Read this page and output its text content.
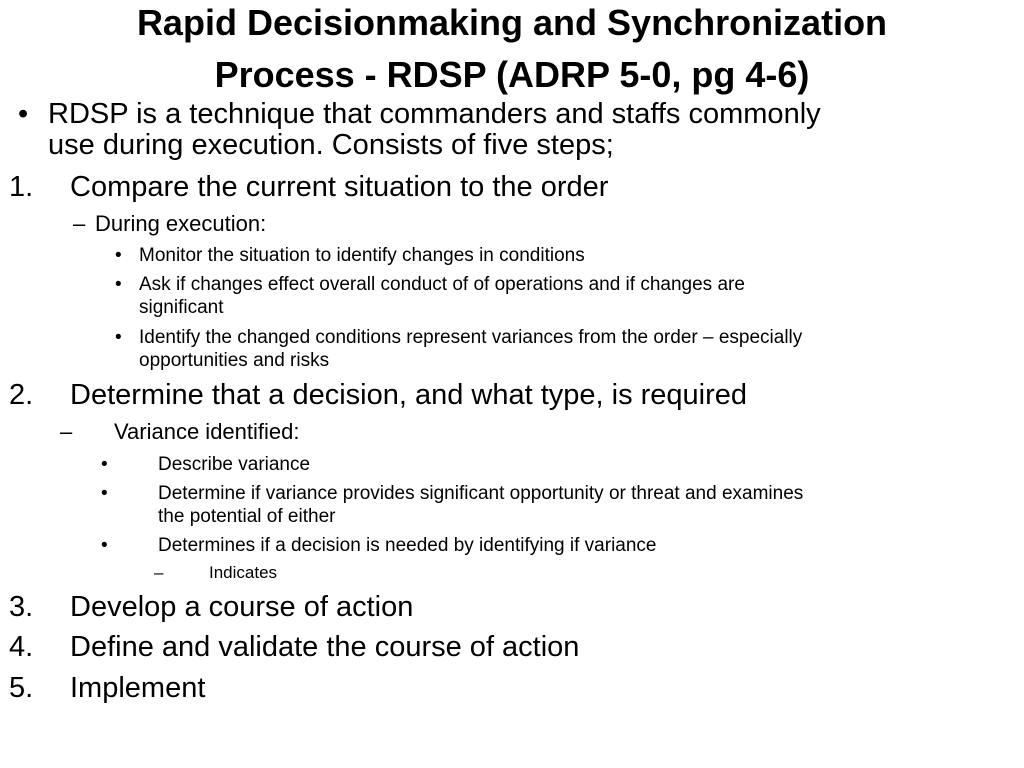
Rapid Decisionmaking and Synchronization
Process - RDSP (ADRP 5-0, pg 4-6)
• RDSP is a technique that commanders and staffs commonly

use during execution. Consists of five steps;

1. Compare the current situation to the order

– During execution:

• Monitor the situation to identify changes in conditions

• Ask if changes effect overall conduct of of operations and if changes are

significant

• Identify the changed conditions represent variances from the order – especially

opportunities and risks

2. Determine that a decision, and what type, is required

– Variance identified:

•	Describe variance

•	Determine if variance provides significant opportunity or threat and examines

the potential of either

•	Determines if a decision is needed by identifying if variance

–	Indicates

3. Develop a course of action

4. Define and validate the course of action

5. Implement
